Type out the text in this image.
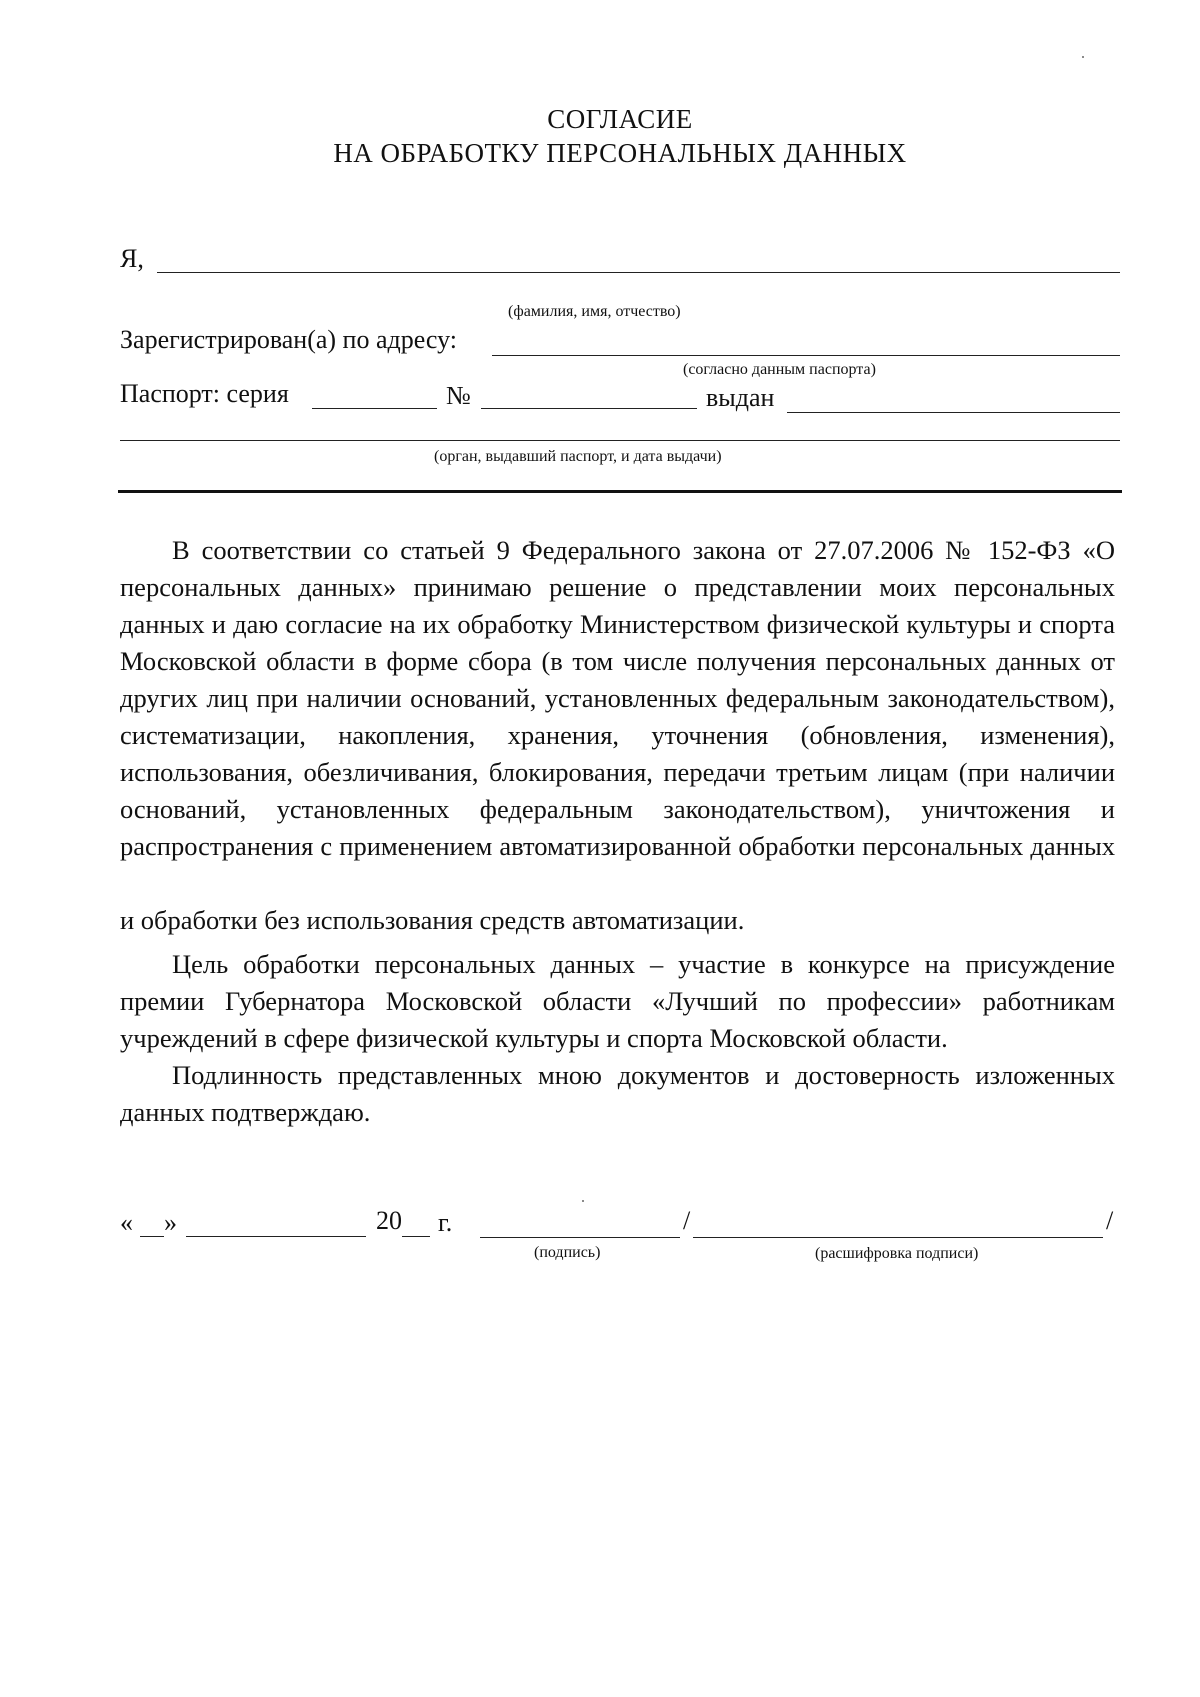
СОГЛАСИЕ
НА ОБРАБОТКУ ПЕРСОНАЛЬНЫХ ДАННЫХ
Я,
(фамилия, имя, отчество)
Зарегистрирован(а) по адресу:
(согласно данным паспорта)
Паспорт: серия	№	выдан
(орган, выдавший паспорт, и дата выдачи)
В соответствии со статьей 9 Федерального закона от 27.07.2006 № 152-ФЗ «О персональных данных» принимаю решение о представлении моих персональных данных и даю согласие на их обработку Министерством физической культуры и спорта Московской области в форме сбора (в том числе получения персональных данных от других лиц при наличии оснований, установленных федеральным законодательством), систематизации, накопления, хранения, уточнения (обновления, изменения), использования, обезличивания, блокирования, передачи третьим лицам (при наличии оснований, установленных федеральным законодательством), уничтожения и распространения с применением автоматизированной обработки персональных данных
и обработки без использования средств автоматизации.
Цель обработки персональных данных – участие в конкурсе на присуждение премии Губернатора Московской области «Лучший по профессии» работникам учреждений в сфере физической культуры и спорта Московской области.
Подлинность представленных мною документов и достоверность изложенных данных подтверждаю.
« »	20 г.	/	/
(подпись)	(расшифровка подписи)
